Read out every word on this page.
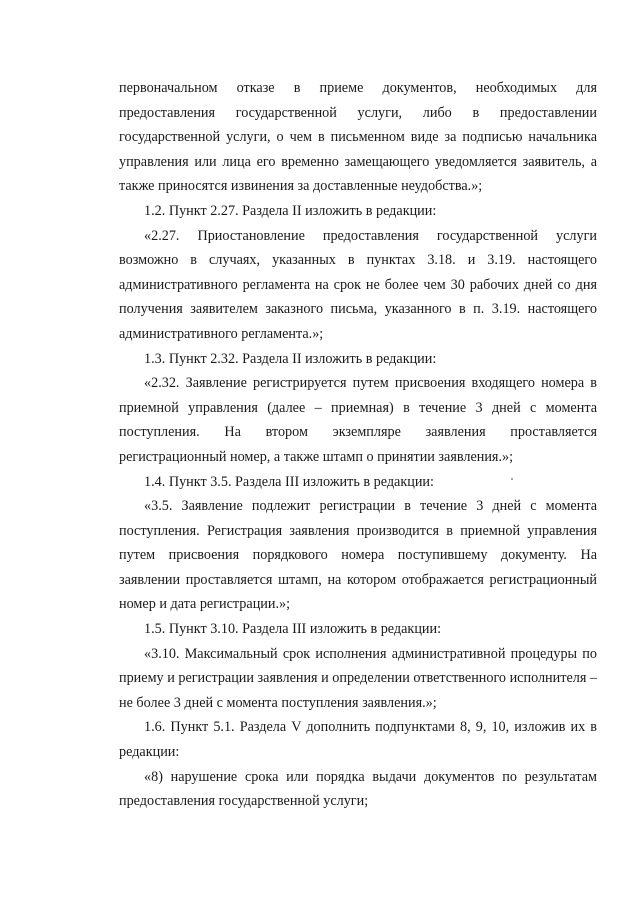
первоначальном отказе в приеме документов, необходимых для предоставления государственной услуги, либо в предоставлении государственной услуги, о чем в письменном виде за подписью начальника управления или лица его временно замещающего уведомляется заявитель, а также приносятся извинения за доставленные неудобства.»;

1.2. Пункт 2.27. Раздела II изложить в редакции:

«2.27. Приостановление предоставления государственной услуги возможно в случаях, указанных в пунктах 3.18. и 3.19. настоящего административного регламента на срок не более чем 30 рабочих дней со дня получения заявителем заказного письма, указанного в п. 3.19. настоящего административного регламента.»;

1.3. Пункт 2.32. Раздела II изложить в редакции:

«2.32. Заявление регистрируется путем присвоения входящего номера в приемной управления (далее – приемная) в течение 3 дней с момента поступления. На втором экземпляре заявления проставляется регистрационный номер, а также штамп о принятии заявления.»;

1.4. Пункт 3.5. Раздела III изложить в редакции:

«3.5. Заявление подлежит регистрации в течение 3 дней с момента поступления. Регистрация заявления производится в приемной управления путем присвоения порядкового номера поступившему документу. На заявлении проставляется штамп, на котором отображается регистрационный номер и дата регистрации.»;

1.5. Пункт 3.10. Раздела III изложить в редакции:

«3.10. Максимальный срок исполнения административной процедуры по приему и регистрации заявления и определении ответственного исполнителя – не более 3 дней с момента поступления заявления.»;

1.6. Пункт 5.1. Раздела V дополнить подпунктами 8, 9, 10, изложив их в редакции:

«8) нарушение срока или порядка выдачи документов по результатам предоставления государственной услуги;
